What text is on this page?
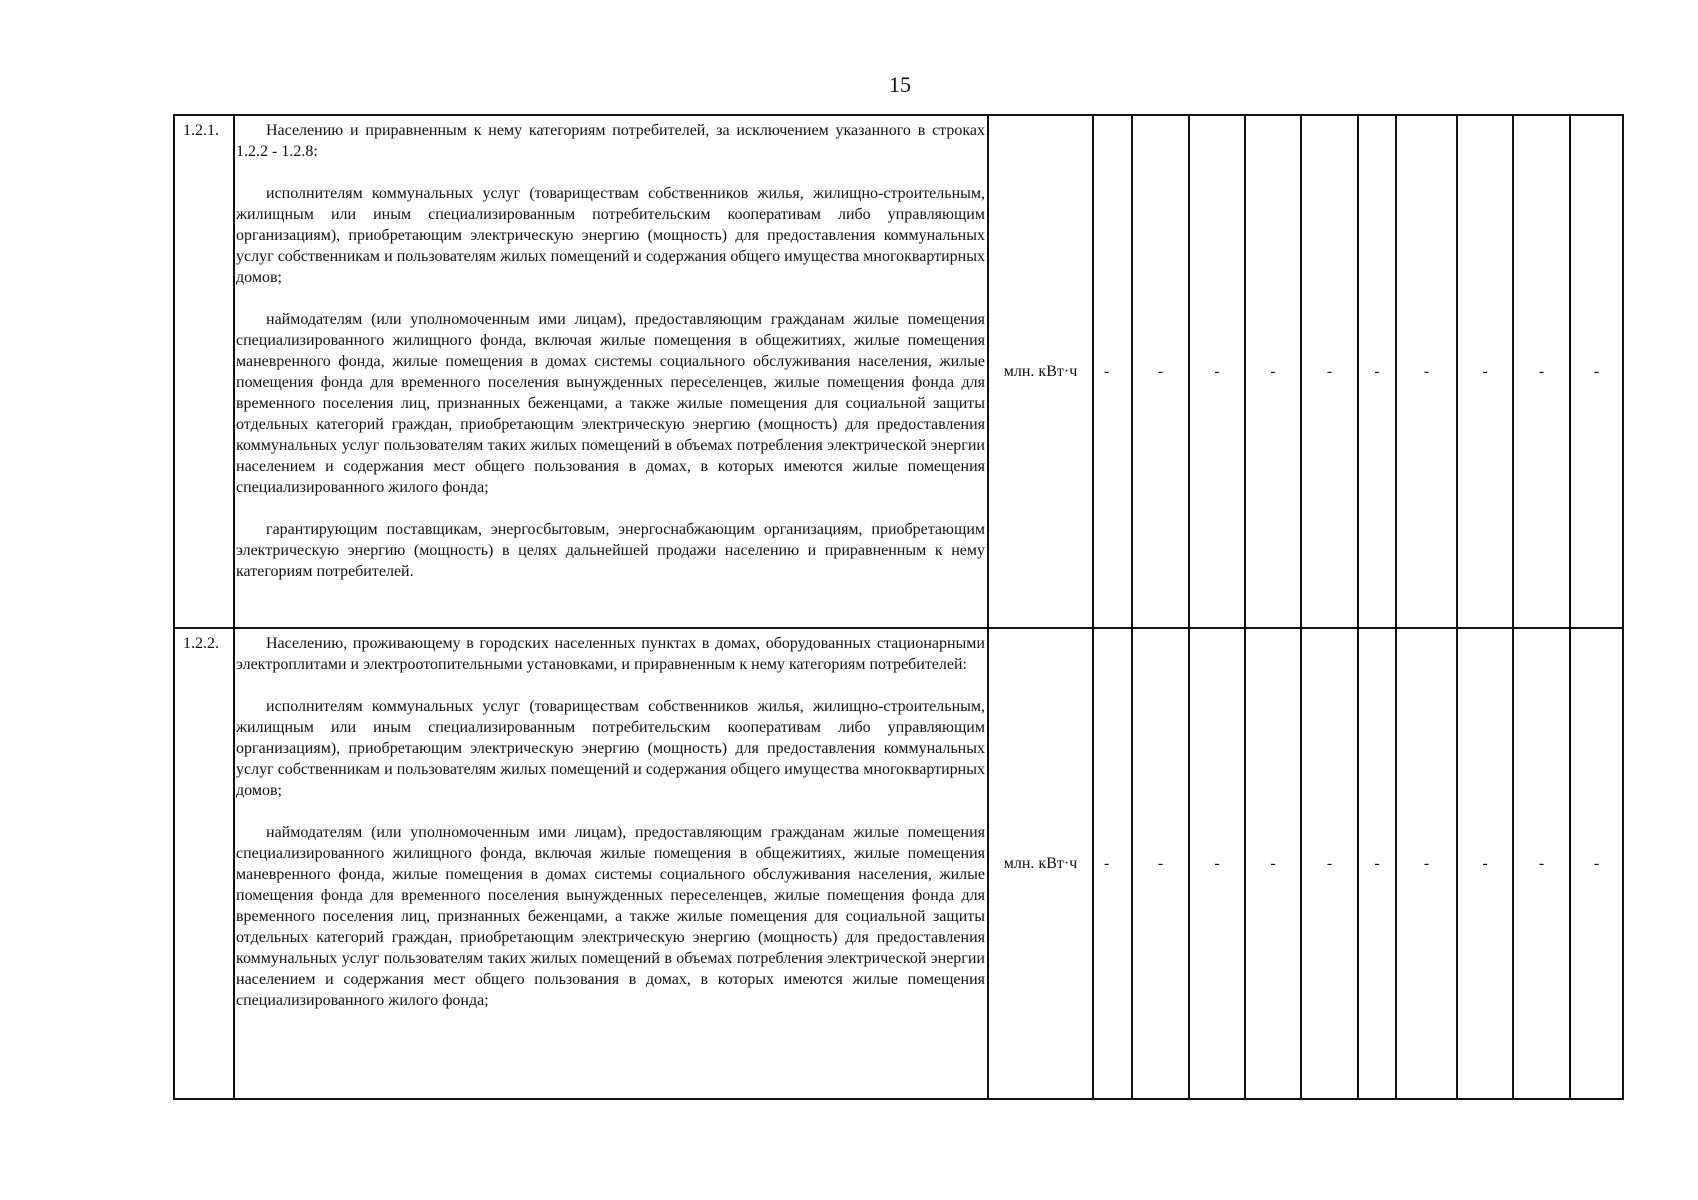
15
1.2.1.	Населению и приравненным к нему категориям потребителей, за исключением указанного в строках 1.2.2 - 1.2.8:

исполнителям коммунальных услуг (товариществам собственников жилья, жилищно-строительным, жилищным или иным специализированным потребительским кооперативам либо управляющим организациям), приобретающим электрическую энергию (мощность) для предоставления коммунальных услуг собственникам и пользователям жилых помещений и содержания общего имущества многоквартирных домов;

наймодателям (или уполномоченным ими лицам), предоставляющим гражданам жилые помещения специализированного жилищного фонда, включая жилые помещения в общежитиях, жилые помещения маневренного фонда, жилые помещения в домах системы социального обслуживания населения, жилые помещения фонда для временного поселения вынужденных переселенцев, жилые помещения фонда для временного поселения лиц, признанных беженцами, а также жилые помещения для социальной защиты отдельных категорий граждан, приобретающим электрическую энергию (мощность) для предоставления коммунальных услуг пользователям таких жилых помещений в объемах потребления электрической энергии населением и содержания мест общего пользования в домах, в которых имеются жилые помещения специализированного жилого фонда;

гарантирующим поставщикам, энергосбытовым, энергоснабжающим организациям, приобретающим электрическую энергию (мощность) в целях дальнейшей продажи населению и приравненным к нему категориям потребителей.	млн. кВт·ч	-	-	-	-	-	-	-	-	-	-
1.2.2.	Населению, проживающему в городских населенных пунктах в домах, оборудованных стационарными электроплитами и электроотопительными установками, и приравненным к нему категориям потребителей:

исполнителям коммунальных услуг (товариществам собственников жилья, жилищно-строительным, жилищным или иным специализированным потребительским кооперативам либо управляющим организациям), приобретающим электрическую энергию (мощность) для предоставления коммунальных услуг собственникам и пользователям жилых помещений и содержания общего имущества многоквартирных домов;

наймодателям (или уполномоченным ими лицам), предоставляющим гражданам жилые помещения специализированного жилищного фонда, включая жилые помещения в общежитиях, жилые помещения маневренного фонда, жилые помещения в домах системы социального обслуживания населения, жилые помещения фонда для временного поселения вынужденных переселенцев, жилые помещения фонда для временного поселения лиц, признанных беженцами, а также жилые помещения для социальной защиты отдельных категорий граждан, приобретающим электрическую энергию (мощность) для предоставления коммунальных услуг пользователям таких жилых помещений в объемах потребления электрической энергии населением и содержания мест общего пользования в домах, в которых имеются жилые помещения специализированного жилого фонда;	млн. кВт·ч	-	-	-	-	-	-	-	-	-	-
